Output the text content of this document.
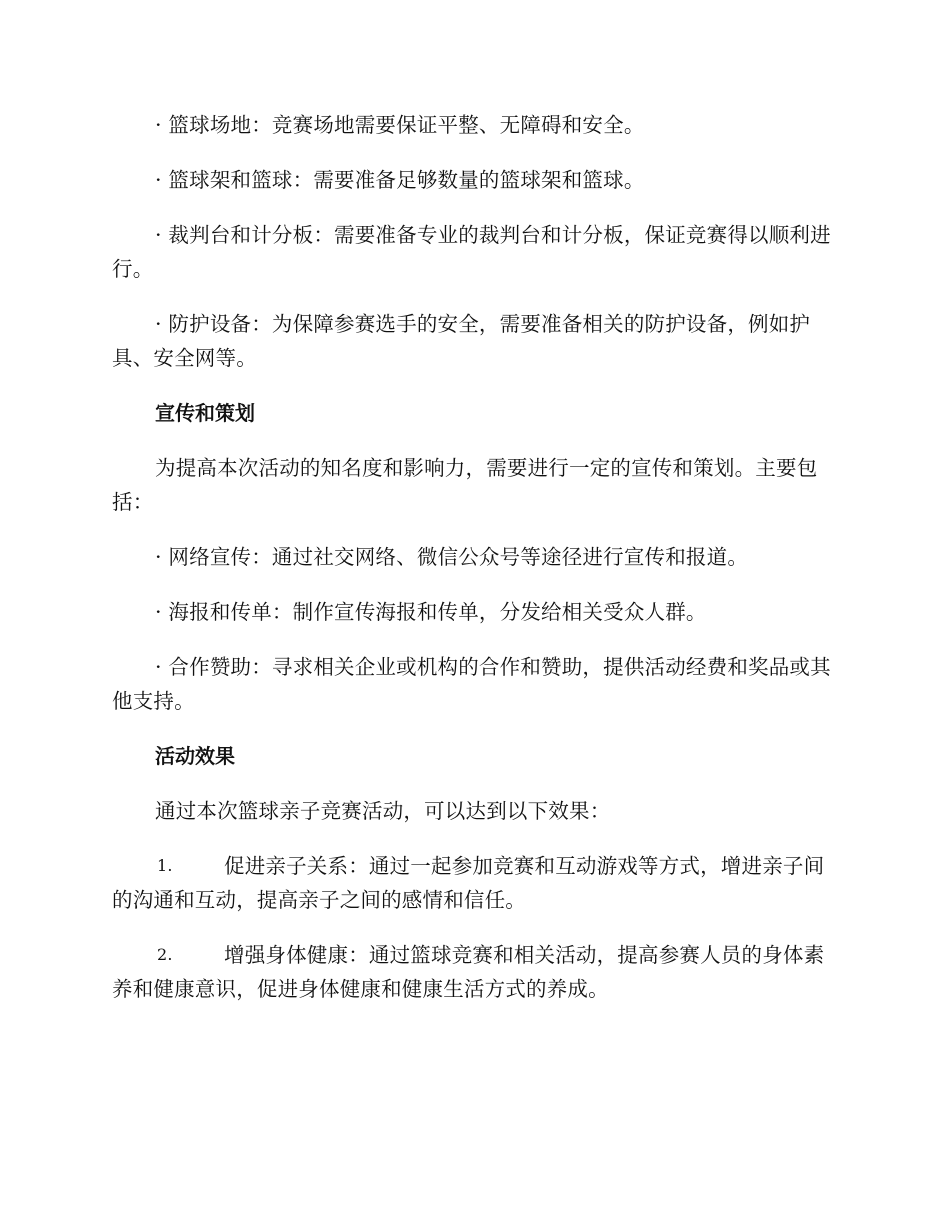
· 篮球场地：竞赛场地需要保证平整、无障碍和安全。

· 篮球架和篮球：需要准备足够数量的篮球架和篮球。

· 裁判台和计分板：需要准备专业的裁判台和计分板，保证竞赛得以顺利进行。

· 防护设备：为保障参赛选手的安全，需要准备相关的防护设备，例如护具、安全网等。

宣传和策划

为提高本次活动的知名度和影响力，需要进行一定的宣传和策划。主要包括：

· 网络宣传：通过社交网络、微信公众号等途径进行宣传和报道。

· 海报和传单：制作宣传海报和传单，分发给相关受众人群。

· 合作赞助：寻求相关企业或机构的合作和赞助，提供活动经费和奖品或其他支持。

活动效果

通过本次篮球亲子竞赛活动，可以达到以下效果：

1.	促进亲子关系：通过一起参加竞赛和互动游戏等方式，增进亲子间的沟通和互动，提高亲子之间的感情和信任。

2.	增强身体健康：通过篮球竞赛和相关活动，提高参赛人员的身体素养和健康意识，促进身体健康和健康生活方式的养成。
